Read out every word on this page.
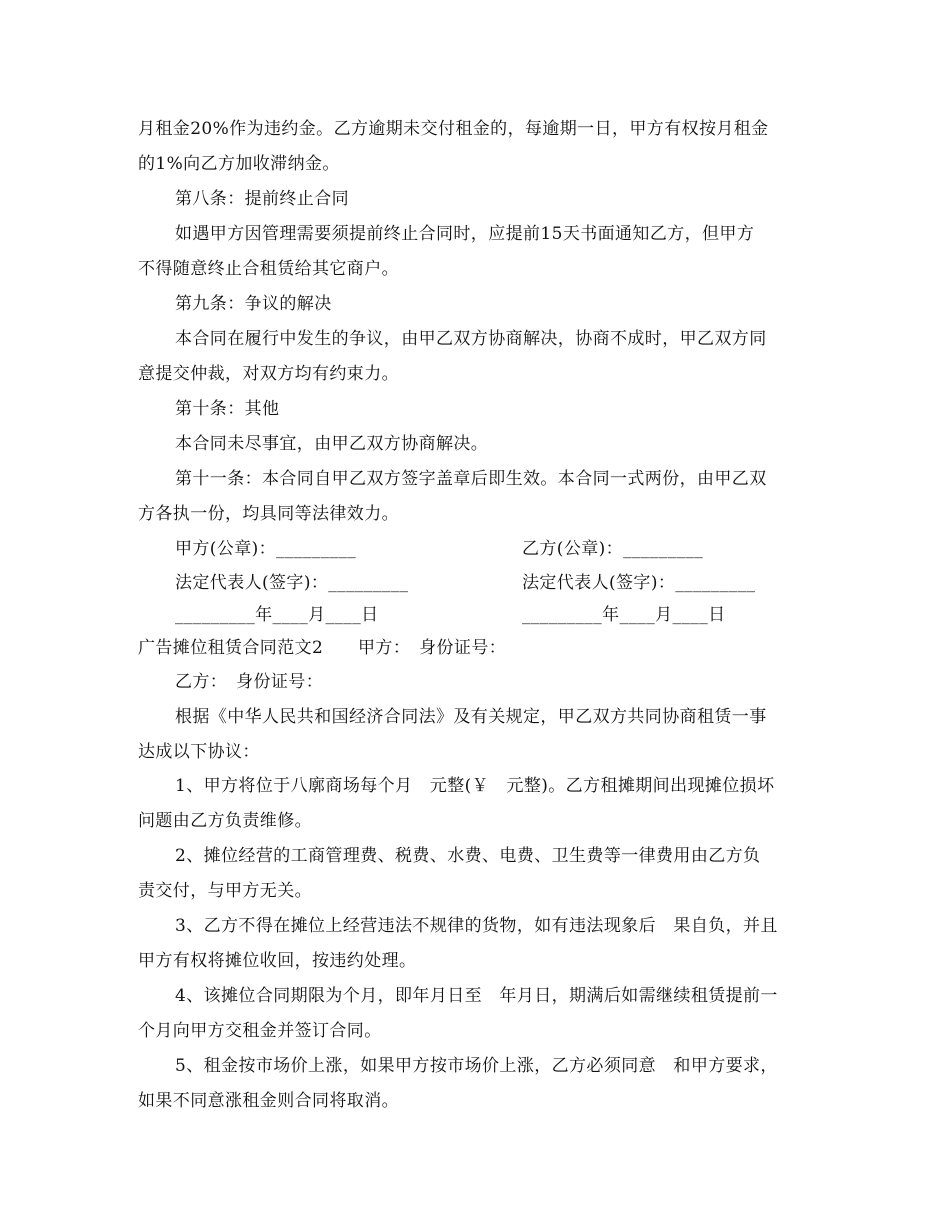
月租金20%作为违约金。乙方逾期未交付租金的，每逾期一日，甲方有权按月租金
的1%向乙方加收滞纳金。
第八条：提前终止合同
如遇甲方因管理需要须提前终止合同时，应提前15天书面通知乙方，但甲方
不得随意终止合租赁给其它商户。
第九条：争议的解决
本合同在履行中发生的争议，由甲乙双方协商解决，协商不成时，甲乙双方同
意提交仲裁，对双方均有约束力。
第十条：其他
本合同未尽事宜，由甲乙双方协商解决。
第十一条：本合同自甲乙双方签字盖章后即生效。本合同一式两份，由甲乙双
方各执一份，均具同等法律效力。
甲方(公章)：_________	乙方(公章)：_________
法定代表人(签字)：_________	法定代表人(签字)：_________
_________年____月____日	_________年____月____日
广告摊位租赁合同范文2　　甲方：　身份证号：
乙方：　身份证号：
根据《中华人民共和国经济合同法》及有关规定，甲乙双方共同协商租赁一事
达成以下协议：
1、甲方将位于八廓商场每个月　元整(￥　元整)。乙方租摊期间出现摊位损坏
问题由乙方负责维修。
2、摊位经营的工商管理费、税费、水费、电费、卫生费等一律费用由乙方负
责交付，与甲方无关。
3、乙方不得在摊位上经营违法不规律的货物，如有违法现象后　果自负，并且
甲方有权将摊位收回，按违约处理。
4、该摊位合同期限为个月，即年月日至　年月日，期满后如需继续租赁提前一
个月向甲方交租金并签订合同。
5、租金按市场价上涨，如果甲方按市场价上涨，乙方必须同意　和甲方要求，
如果不同意涨租金则合同将取消。
